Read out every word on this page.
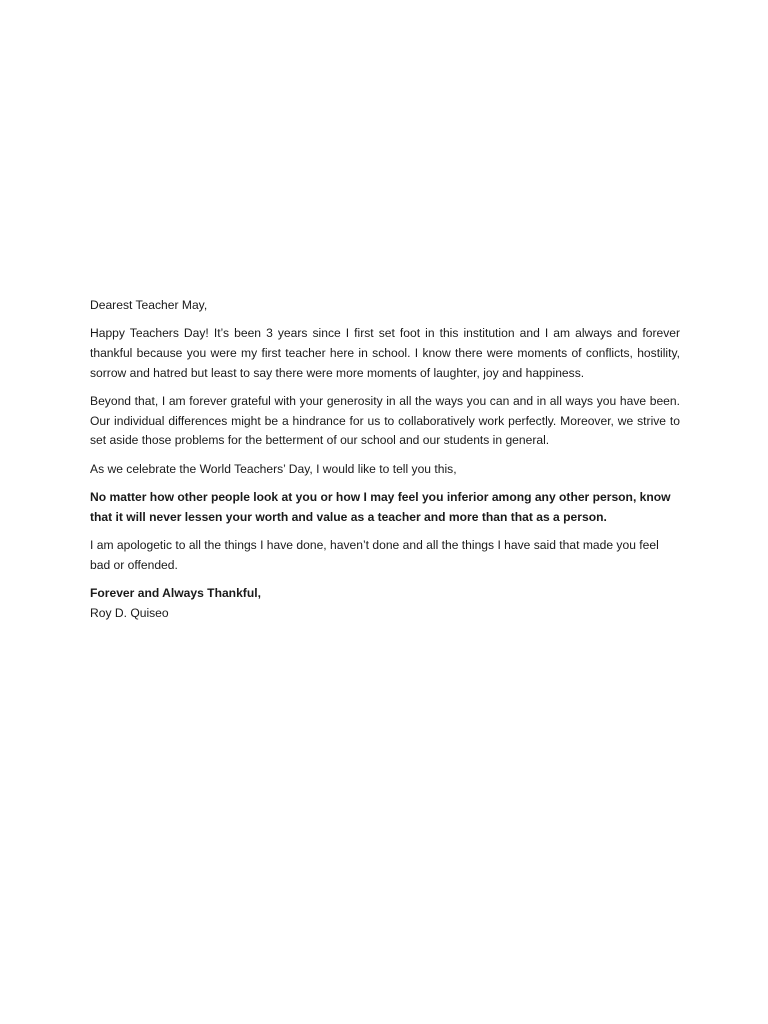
Dearest Teacher May,

Happy Teachers Day! It’s been 3 years since I first set foot in this institution and I am always and forever thankful because you were my first teacher here in school. I know there were moments of conflicts, hostility, sorrow and hatred but least to say there were more moments of laughter, joy and happiness.

Beyond that, I am forever grateful with your generosity in all the ways you can and in all ways you have been. Our individual differences might be a hindrance for us to collaboratively work perfectly. Moreover, we strive to set aside those problems for the betterment of our school and our students in general.

As we celebrate the World Teachers’ Day, I would like to tell you this,

No matter how other people look at you or how I may feel you inferior among any other person, know that it will never lessen your worth and value as a teacher and more than that as a person.

I am apologetic to all the things I have done, haven’t done and all the things I have said that made you feel bad or offended.

Forever and Always Thankful,
Roy D. Quiseo
